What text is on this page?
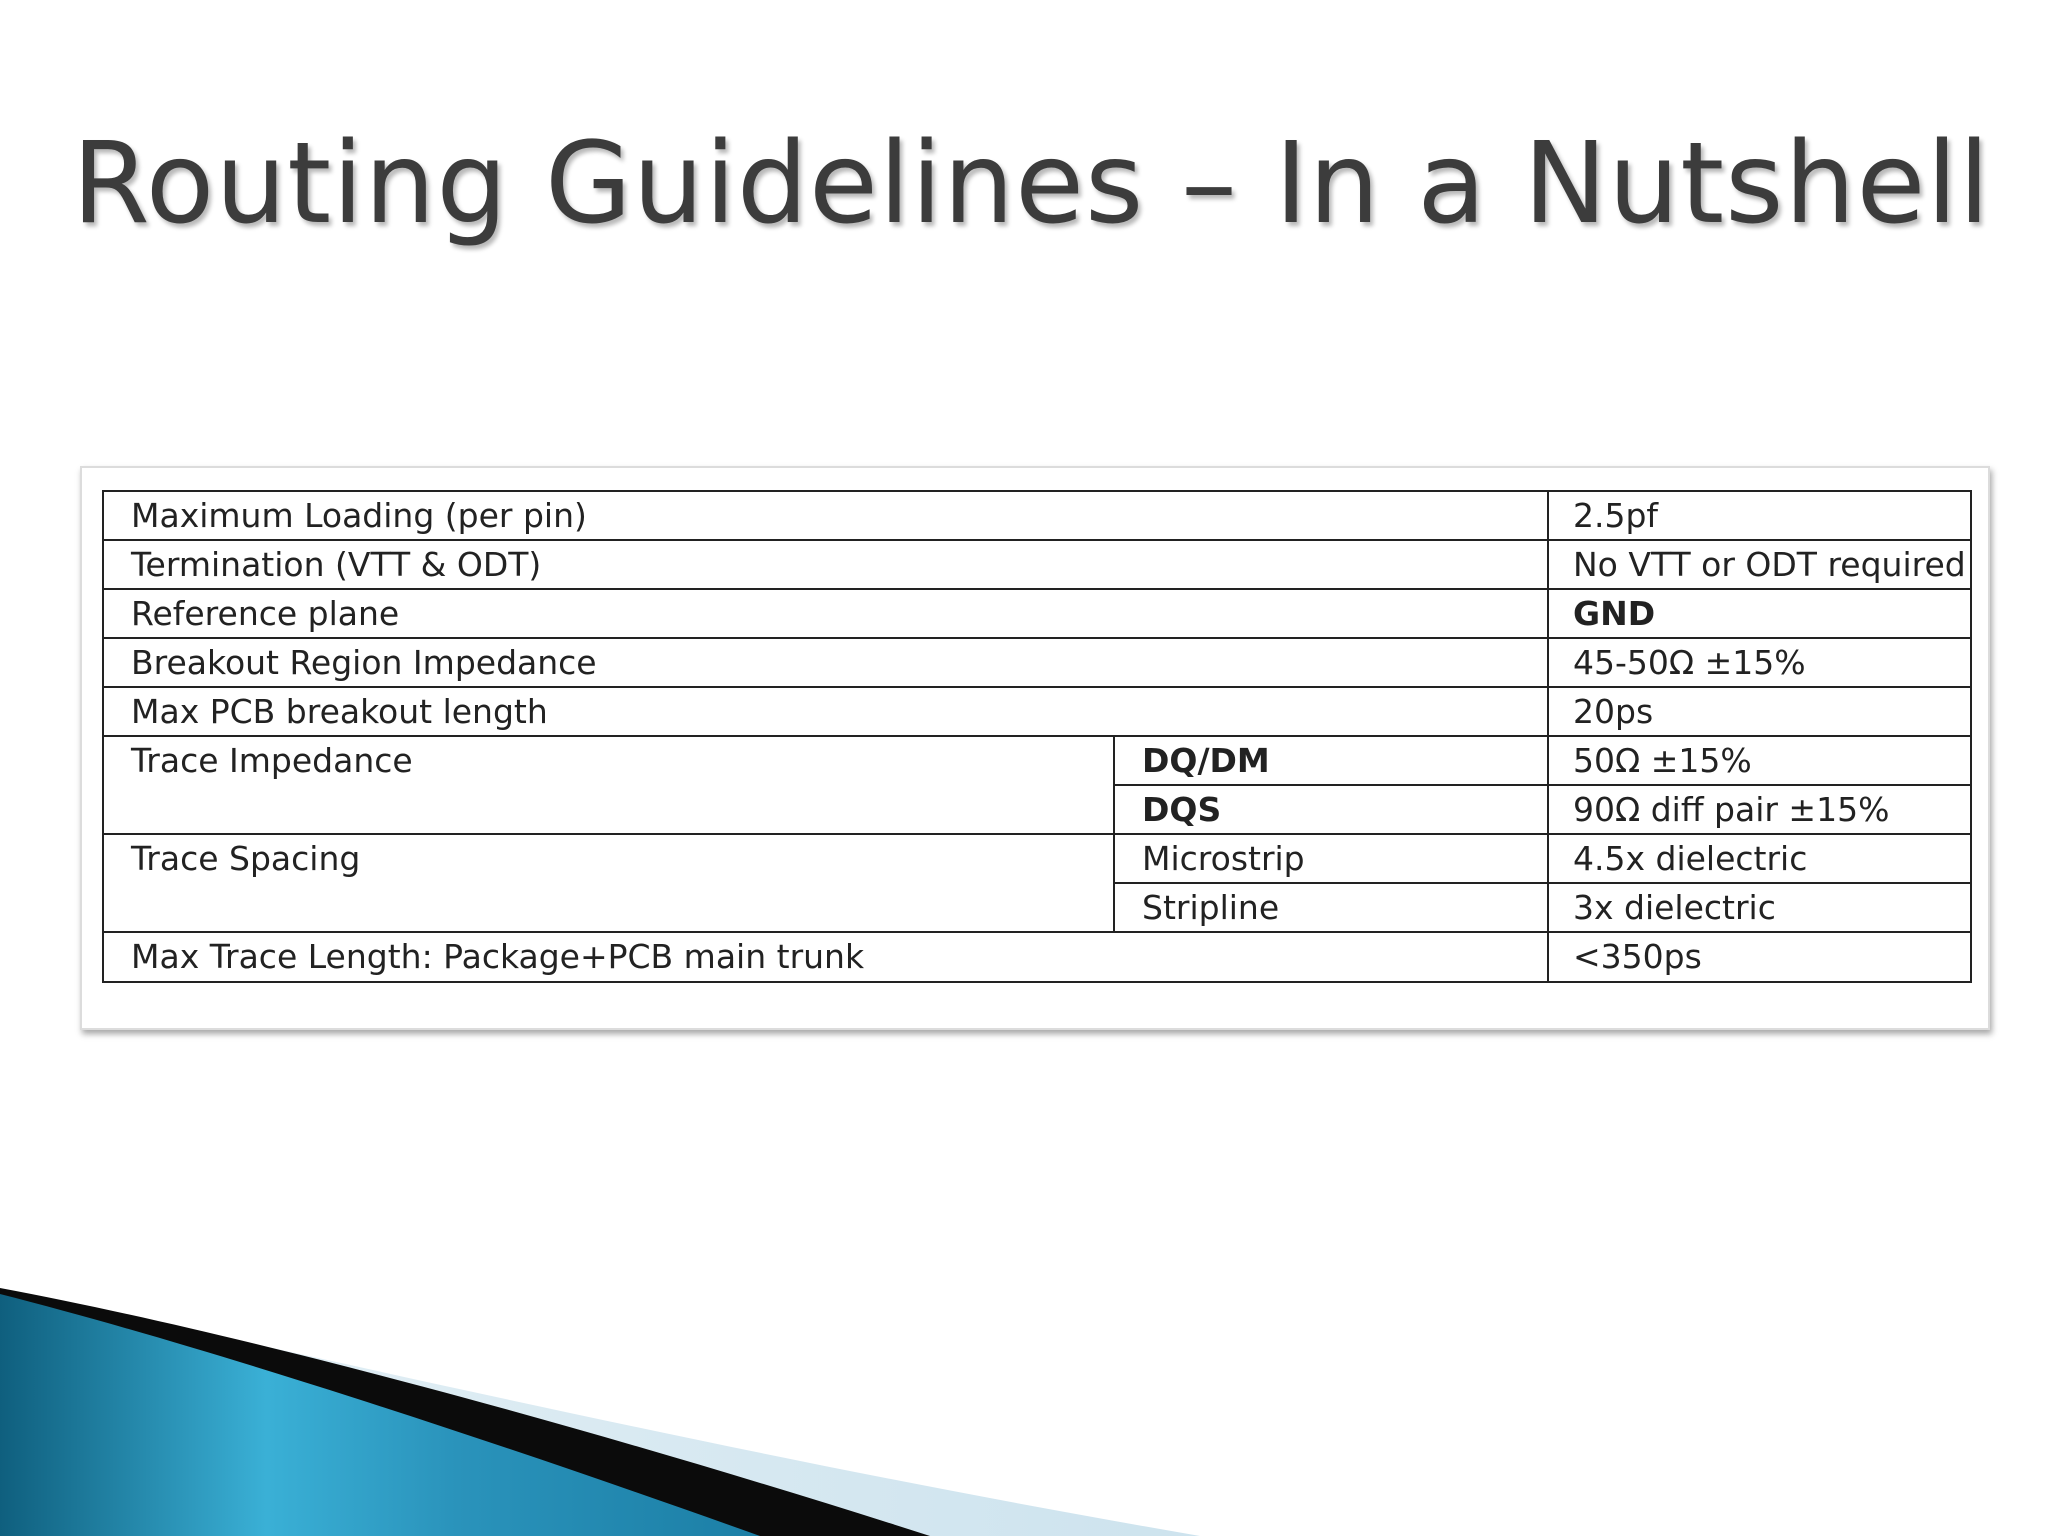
Routing Guidelines – In a Nutshell
Maximum Loading (per pin)		2.5pf
Termination (VTT & ODT)		No VTT or ODT required
Reference plane		GND
Breakout Region Impedance		45-50Ω ±15%
Max PCB breakout length		20ps
Trace Impedance	DQ/DM	50Ω ±15%
	DQS	90Ω diff pair ±15%
Trace Spacing	Microstrip	4.5x dielectric
	Stripline	3x dielectric
Max Trace Length: Package+PCB main trunk		<350ps
